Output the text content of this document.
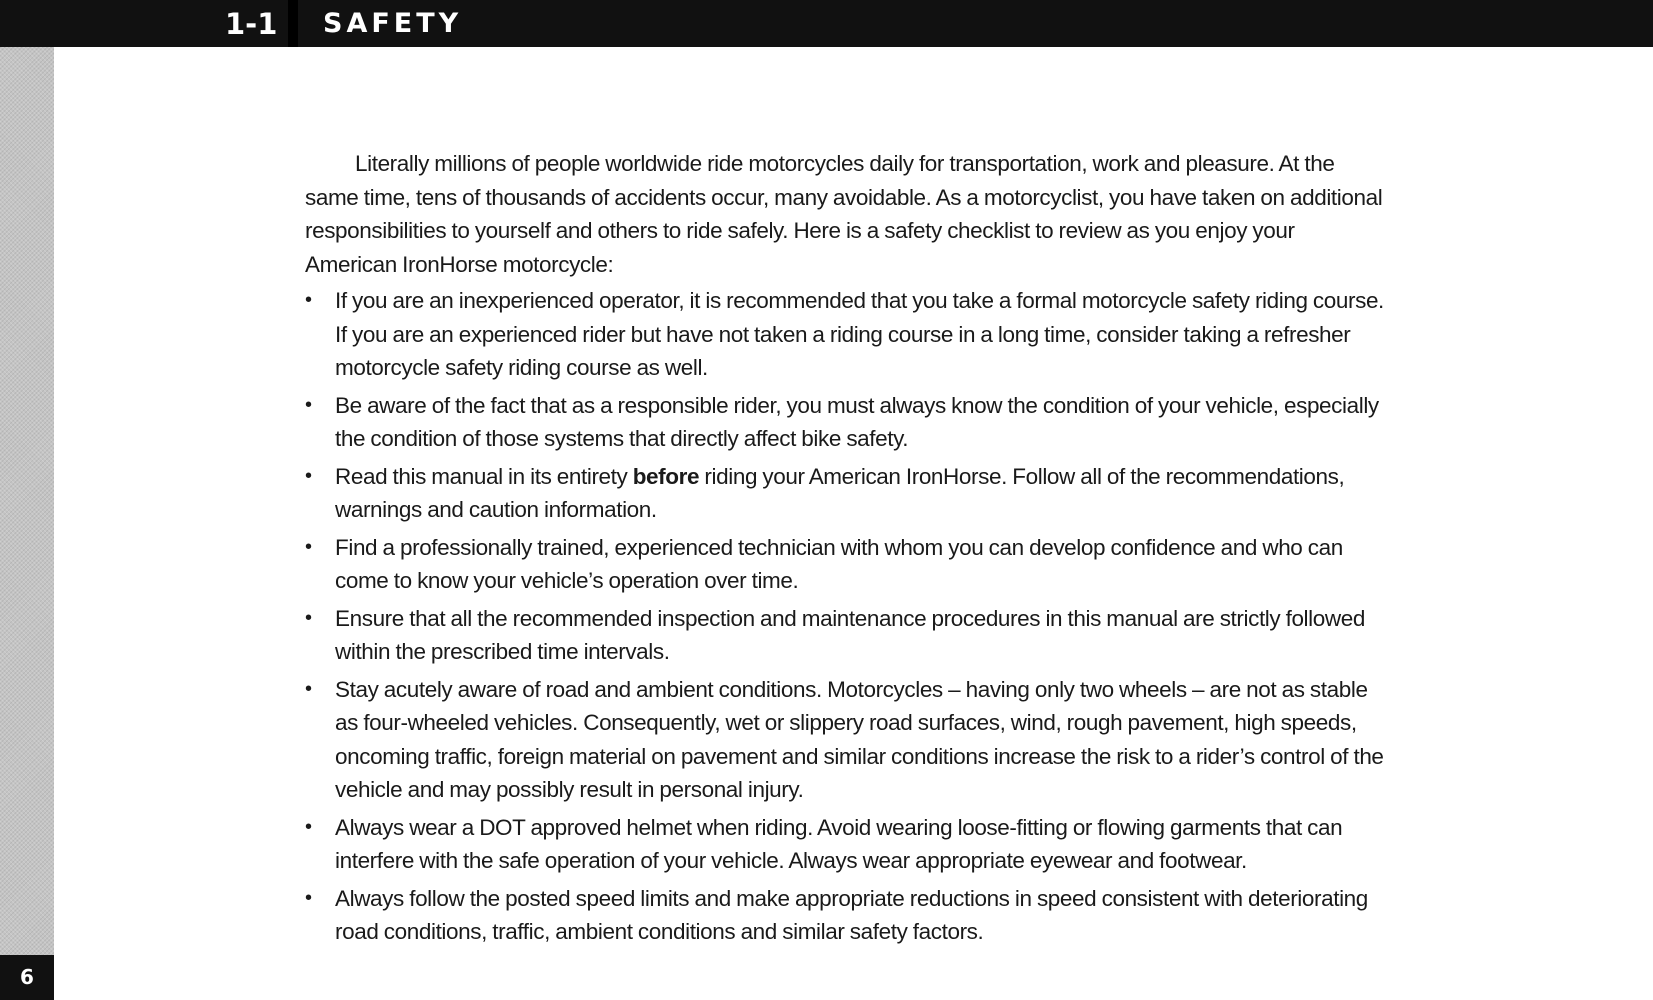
1-1 SAFETY
6

Literally millions of people worldwide ride motorcycles daily for transportation, work and pleasure. At the same time, tens of thousands of accidents occur, many avoidable. As a motorcyclist, you have taken on additional responsibilities to yourself and others to ride safely. Here is a safety checklist to review as you enjoy your American IronHorse motorcycle:

•	If you are an inexperienced operator, it is recommended that you take a formal motorcycle safety riding course. If you are an experienced rider but have not taken a riding course in a long time, consider taking a refresher motorcycle safety riding course as well.
•	Be aware of the fact that as a responsible rider, you must always know the condition of your vehicle, especially the condition of those systems that directly affect bike safety.
•	Read this manual in its entirety before riding your American IronHorse. Follow all of the recommendations, warnings and caution information.
•	Find a professionally trained, experienced technician with whom you can develop confidence and who can come to know your vehicle’s operation over time.
•	Ensure that all the recommended inspection and maintenance procedures in this manual are strictly followed within the prescribed time intervals.
•	Stay acutely aware of road and ambient conditions. Motorcycles – having only two wheels – are not as stable as four-wheeled vehicles. Consequently, wet or slippery road surfaces, wind, rough pavement, high speeds, oncoming traffic, foreign material on pavement and similar conditions increase the risk to a rider’s control of the vehicle and may possibly result in personal injury.
•	Always wear a DOT approved helmet when riding. Avoid wearing loose-fitting or flowing garments that can interfere with the safe operation of your vehicle. Always wear appropriate eyewear and footwear.
•	Always follow the posted speed limits and make appropriate reductions in speed consistent with deteriorating road conditions, traffic, ambient conditions and similar safety factors.
